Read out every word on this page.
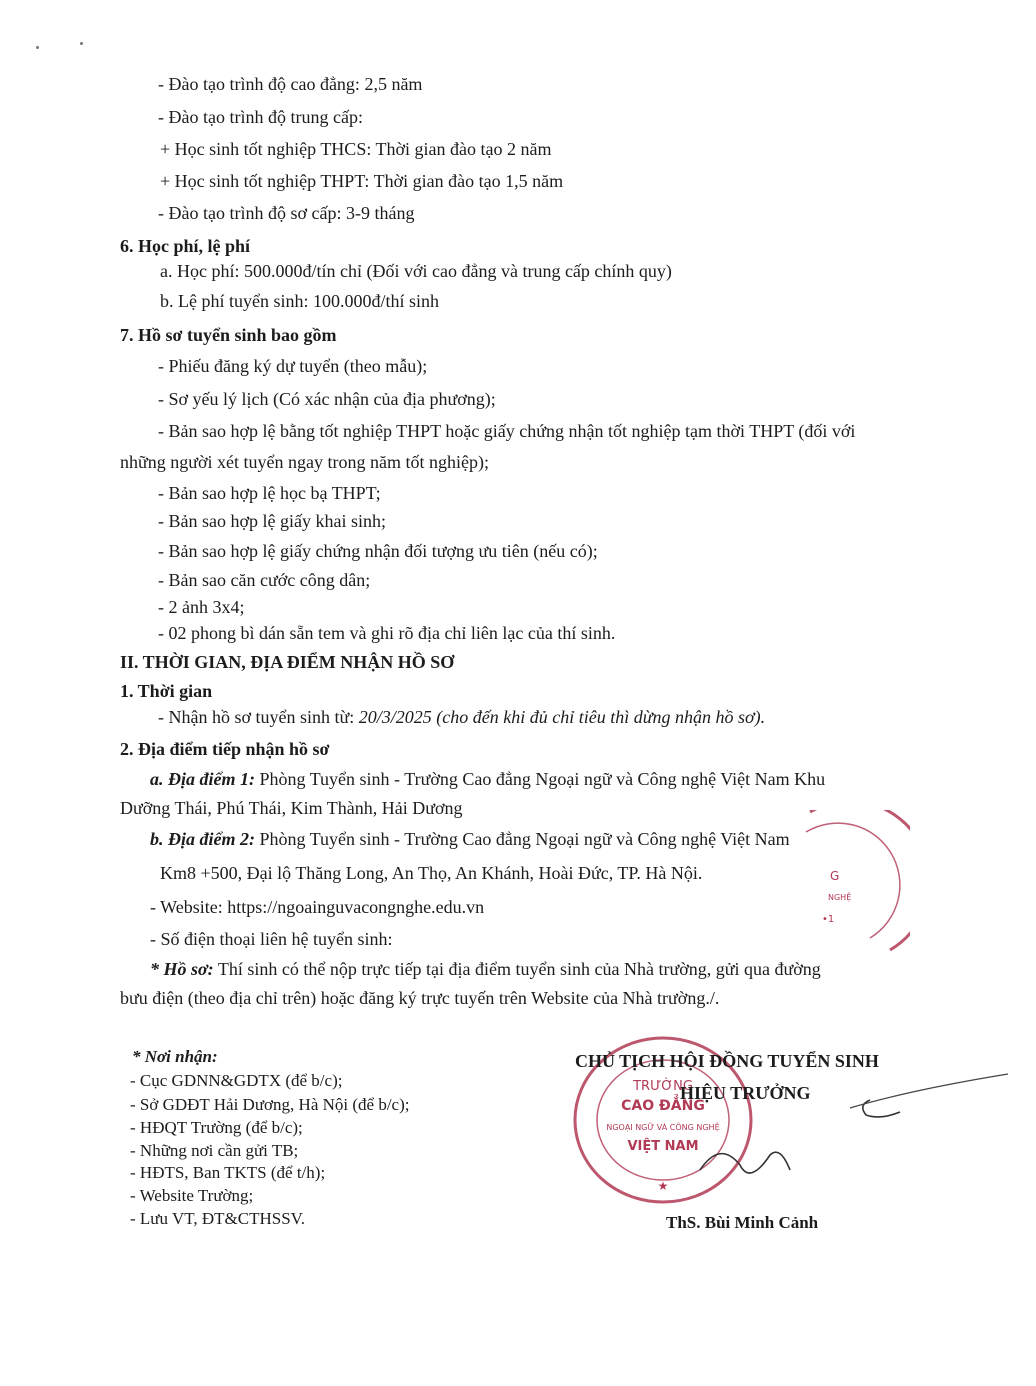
- Đào tạo trình độ cao đẳng: 2,5 năm
- Đào tạo trình độ trung cấp:
+ Học sinh tốt nghiệp THCS: Thời gian đào tạo 2 năm
+ Học sinh tốt nghiệp THPT: Thời gian đào tạo 1,5 năm
- Đào tạo trình độ sơ cấp: 3-9 tháng
6. Học phí, lệ phí
a. Học phí: 500.000đ/tín chỉ (Đối với cao đẳng và trung cấp chính quy)
b. Lệ phí tuyển sinh: 100.000đ/thí sinh
7. Hồ sơ tuyển sinh bao gồm
- Phiếu đăng ký dự tuyển (theo mẫu);
- Sơ yếu lý lịch (Có xác nhận của địa phương);
- Bản sao hợp lệ bằng tốt nghiệp THPT hoặc giấy chứng nhận tốt nghiệp tạm thời THPT (đối với
những người xét tuyển ngay trong năm tốt nghiệp);
- Bản sao hợp lệ học bạ THPT;
- Bản sao hợp lệ giấy khai sinh;
- Bản sao hợp lệ giấy chứng nhận đối tượng ưu tiên (nếu có);
- Bản sao căn cước công dân;
- 2 ảnh 3x4;
- 02 phong bì dán sẵn tem và ghi rõ địa chỉ liên lạc của thí sinh.
II. THỜI GIAN, ĐỊA ĐIỂM NHẬN HỒ SƠ
1. Thời gian
- Nhận hồ sơ tuyển sinh từ: 20/3/2025 (cho đến khi đủ chỉ tiêu thì dừng nhận hồ sơ).
2. Địa điểm tiếp nhận hồ sơ
a. Địa điểm 1: Phòng Tuyển sinh - Trường Cao đẳng Ngoại ngữ và Công nghệ Việt Nam Khu
Dưỡng Thái, Phú Thái, Kim Thành, Hải Dương
b. Địa điểm 2: Phòng Tuyển sinh - Trường Cao đẳng Ngoại ngữ và Công nghệ Việt Nam
Km8 +500, Đại lộ Thăng Long, An Thọ, An Khánh, Hoài Đức, TP. Hà Nội.
- Website: https://ngoainguvacongnghe.edu.vn
- Số điện thoại liên hệ tuyển sinh:
* Hồ sơ: Thí sinh có thể nộp trực tiếp tại địa điểm tuyển sinh của Nhà trường, gửi qua đường
bưu điện (theo địa chỉ trên) hoặc đăng ký trực tuyến trên Website của Nhà trường./.
* Nơi nhận:
- Cục GDNN&GDTX (để b/c);
- Sở GDĐT Hải Dương, Hà Nội (để b/c);
- HĐQT Trường (để b/c);
- Những nơi cần gửi TB;
- HĐTS, Ban TKTS (để t/h);
- Website Trường;
- Lưu VT, ĐT&CTHSSV.
G
NGHỆ
•1
TRƯỜNG
CAO ĐẲNG
NGOẠI NGỮ VÀ CÔNG NGHỆ
VIỆT NAM
★
CHỦ TỊCH HỘI ĐỒNG TUYỂN SINH
HIỆU TRƯỞNG
ThS. Bùi Minh Cảnh
